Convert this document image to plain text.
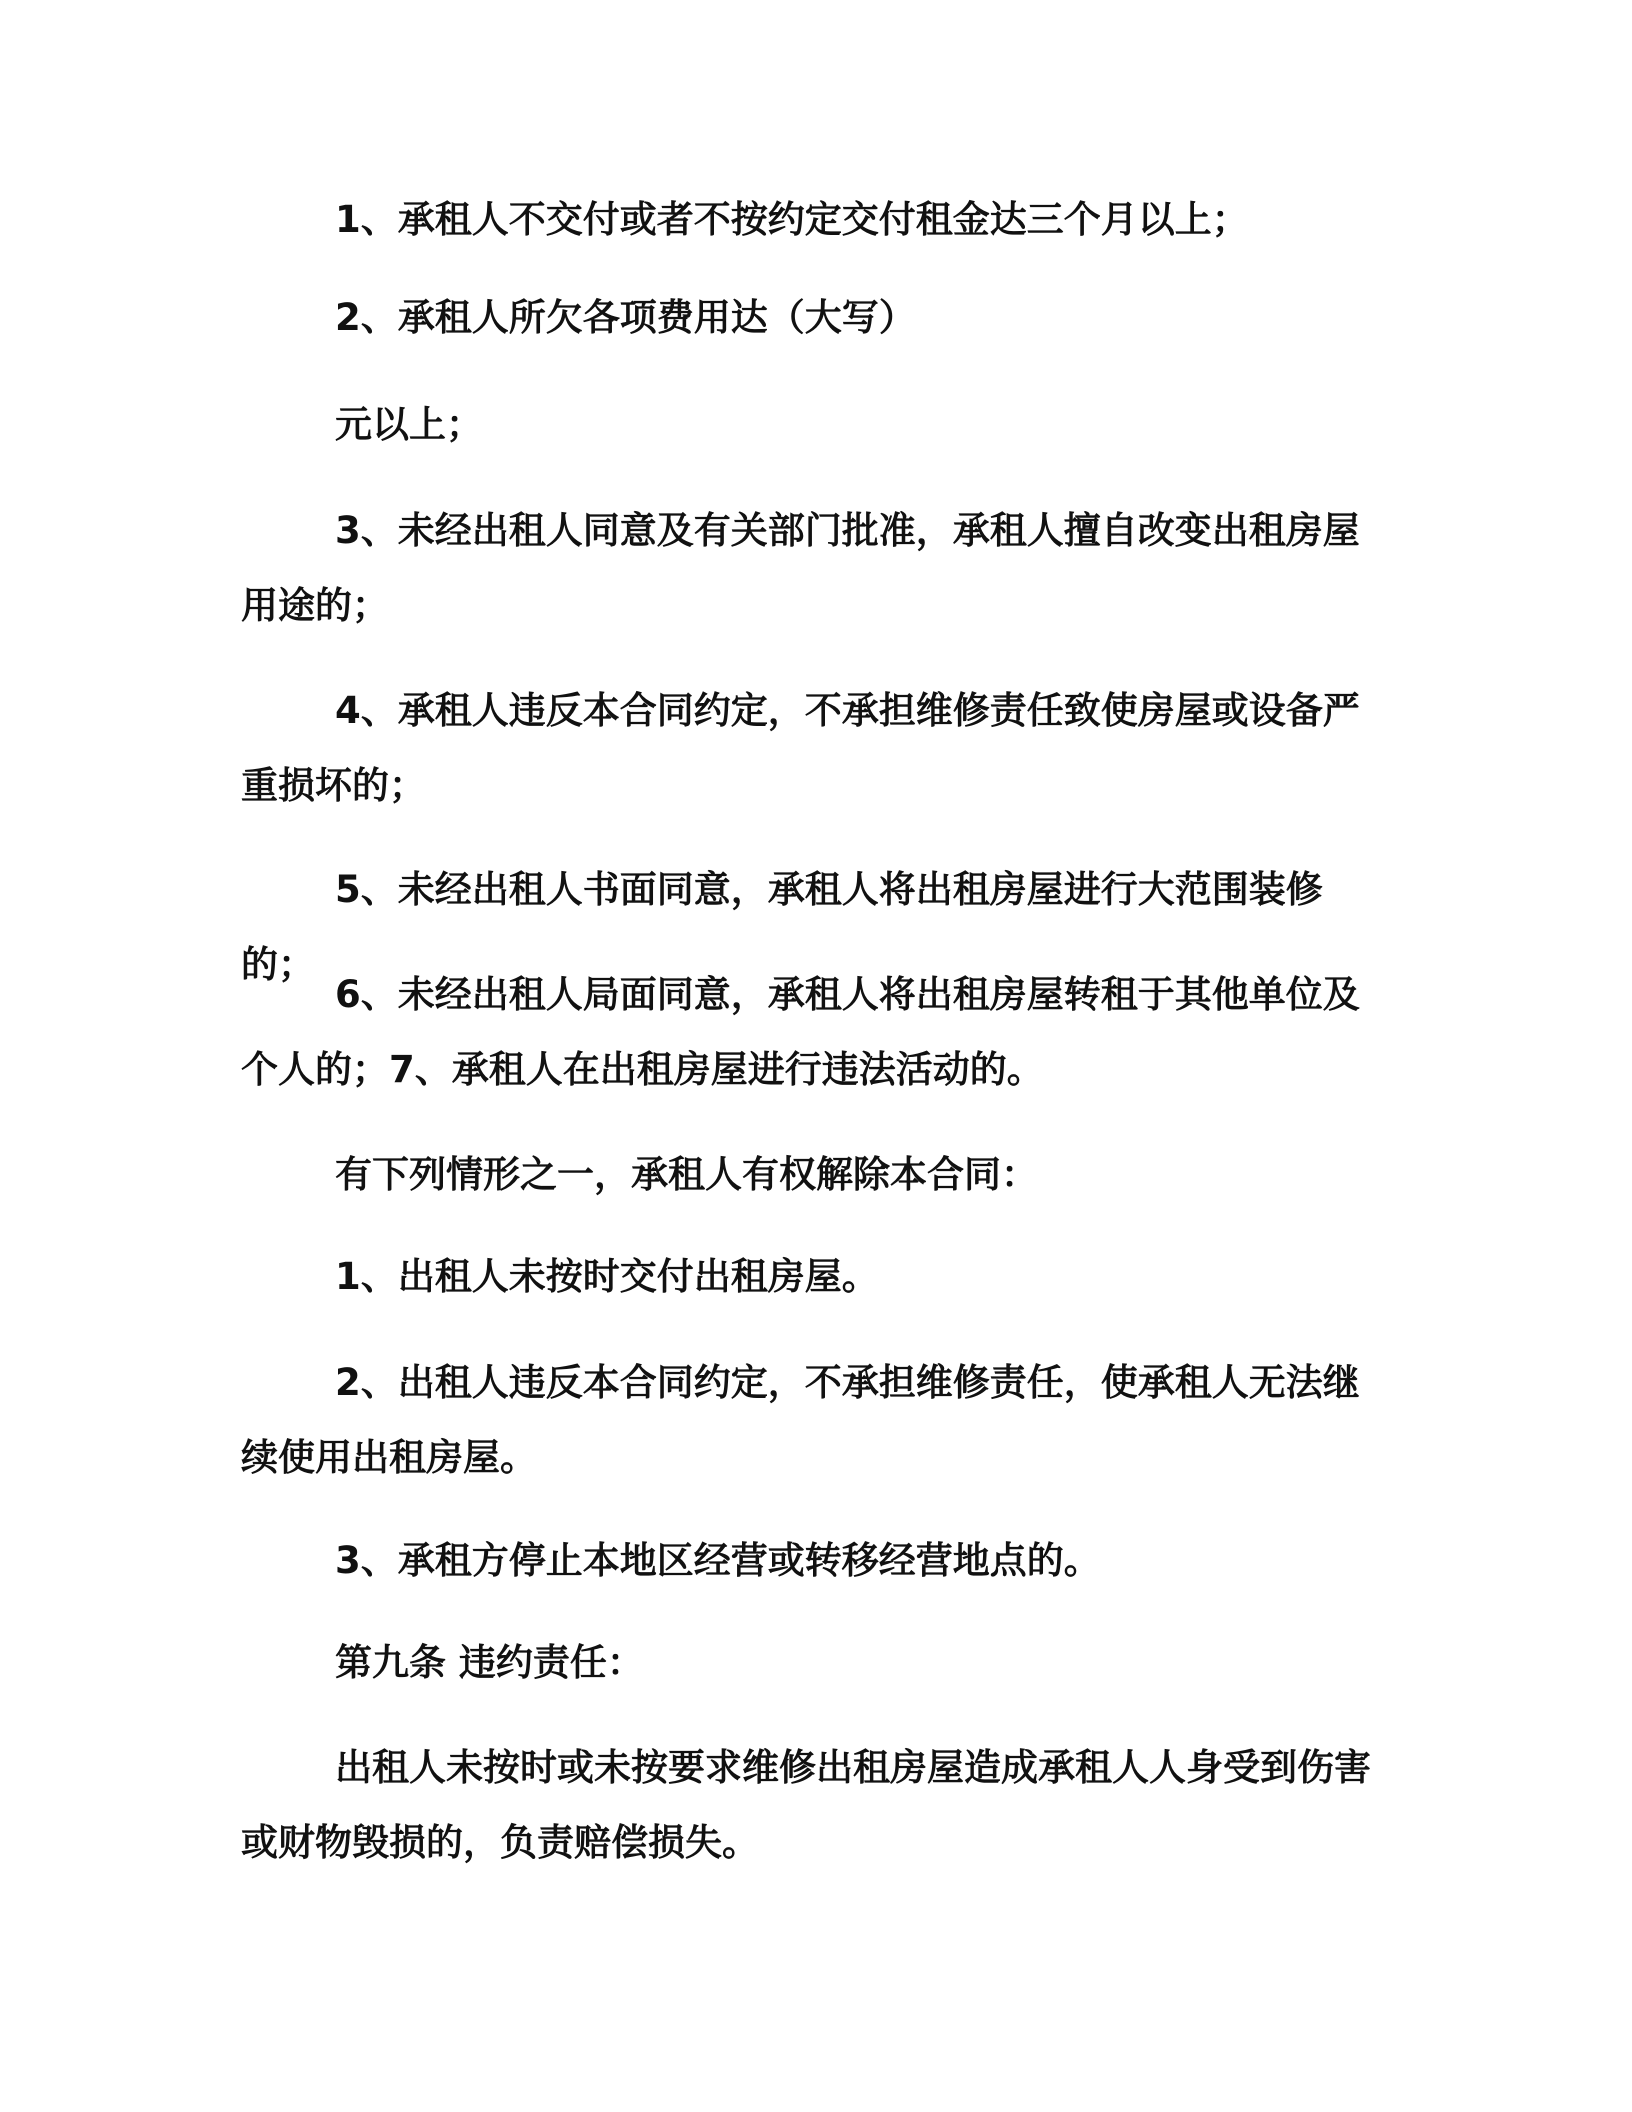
1、承租人不交付或者不按约定交付租金达三个月以上；

2、承租人所欠各项费用达（大写）

元以上；

3、未经出租人同意及有关部门批准，承租人擅自改变出租房屋用途的；

4、承租人违反本合同约定，不承担维修责任致使房屋或设备严重损坏的；

5、未经出租人书面同意，承租人将出租房屋进行大范围装修的；

6、未经出租人局面同意，承租人将出租房屋转租于其他单位及个人的；7、承租人在出租房屋进行违法活动的。

有下列情形之一，承租人有权解除本合同：

1、出租人未按时交付出租房屋。

2、出租人违反本合同约定，不承担维修责任，使承租人无法继续使用出租房屋。

3、承租方停止本地区经营或转移经营地点的。

第九条 违约责任：

出租人未按时或未按要求维修出租房屋造成承租人人身受到伤害或财物毁损的，负责赔偿损失。
